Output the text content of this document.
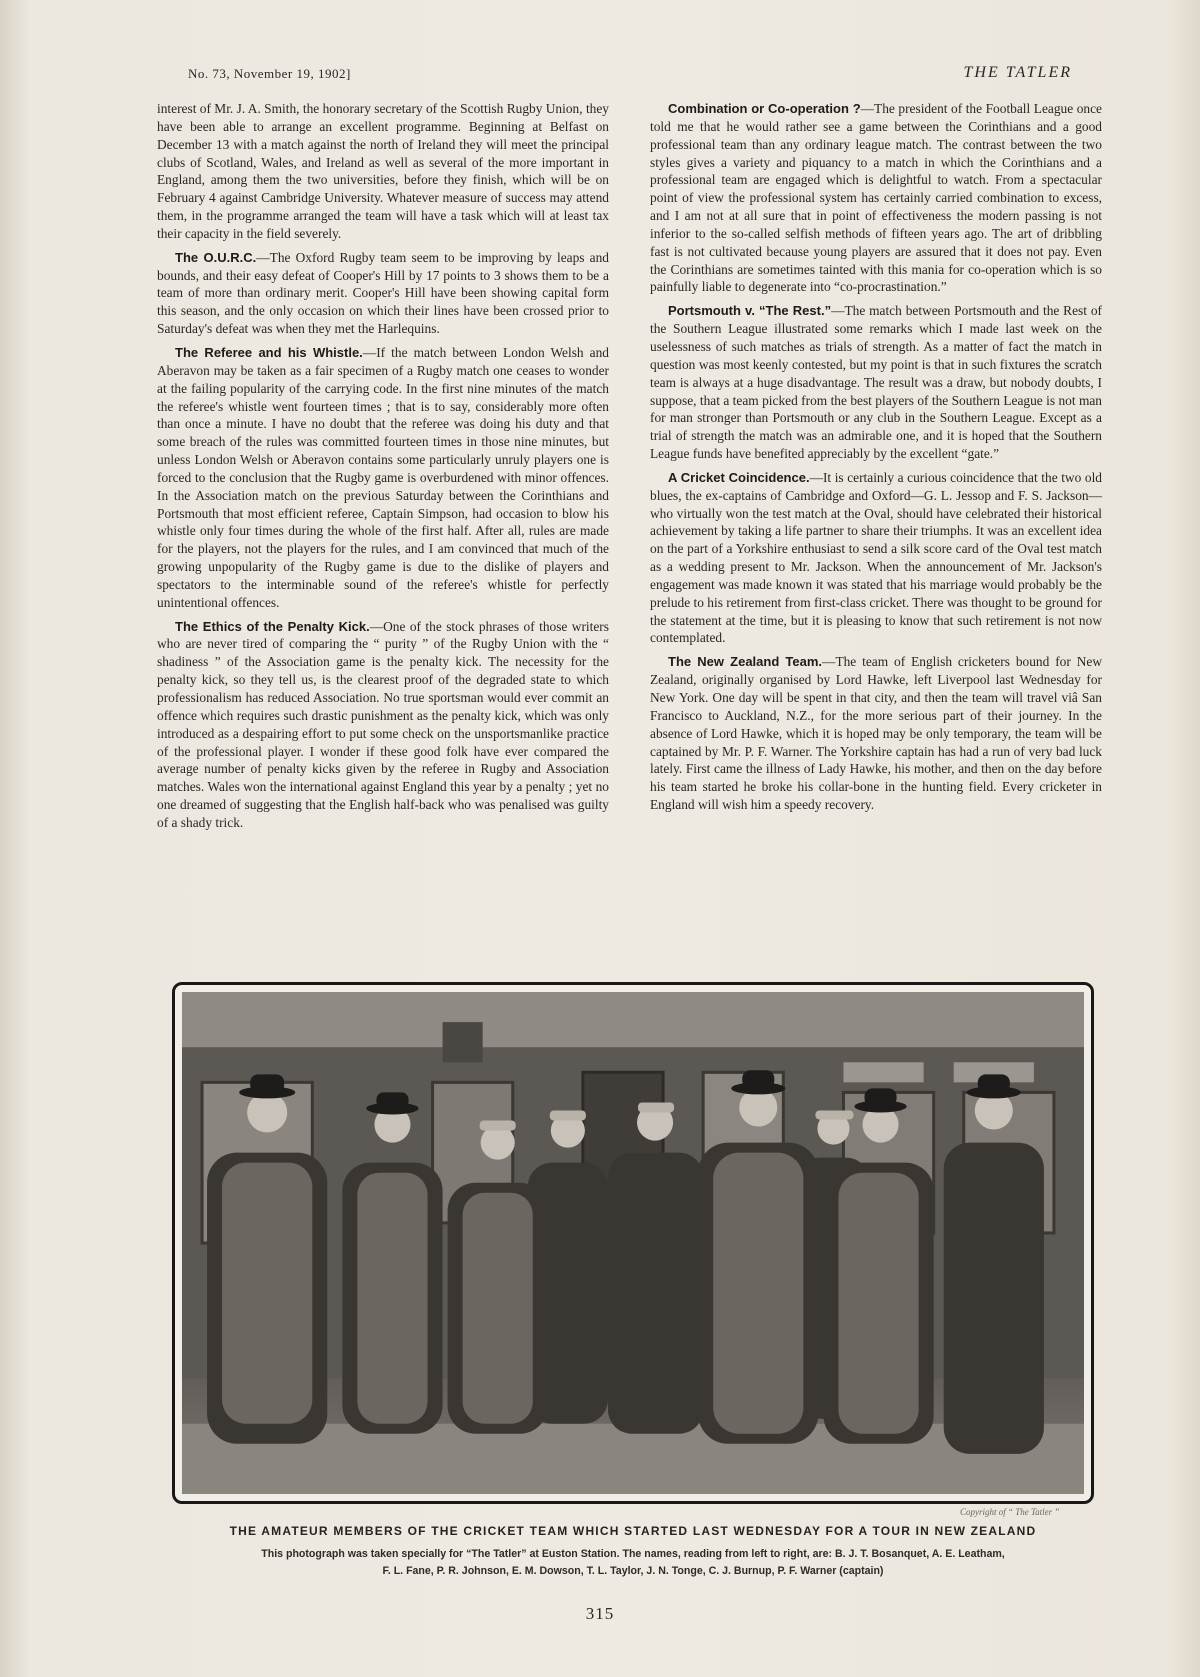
No. 73, November 19, 1902]	THE TATLER

interest of Mr. J. A. Smith, the honorary secretary of the Scottish Rugby Union, they have been able to arrange an excellent programme. Beginning at Belfast on December 13 with a match against the north of Ireland they will meet the principal clubs of Scotland, Wales, and Ireland as well as several of the more important in England, among them the two universities, before they finish, which will be on February 4 against Cambridge University. Whatever measure of success may attend them, in the programme arranged the team will have a task which will at least tax their capacity in the field severely.

The O.U.R.C.—The Oxford Rugby team seem to be improving by leaps and bounds, and their easy defeat of Cooper's Hill by 17 points to 3 shows them to be a team of more than ordinary merit. Cooper's Hill have been showing capital form this season, and the only occasion on which their lines have been crossed prior to Saturday's defeat was when they met the Harlequins.

The Referee and his Whistle.—If the match between London Welsh and Aberavon may be taken as a fair specimen of a Rugby match one ceases to wonder at the failing popularity of the carrying code. In the first nine minutes of the match the referee's whistle went fourteen times ; that is to say, considerably more often than once a minute. I have no doubt that the referee was doing his duty and that some breach of the rules was committed fourteen times in those nine minutes, but unless London Welsh or Aberavon contains some particularly unruly players one is forced to the conclusion that the Rugby game is overburdened with minor offences. In the Association match on the previous Saturday between the Corinthians and Portsmouth that most efficient referee, Captain Simpson, had occasion to blow his whistle only four times during the whole of the first half. After all, rules are made for the players, not the players for the rules, and I am convinced that much of the growing unpopularity of the Rugby game is due to the dislike of players and spectators to the interminable sound of the referee's whistle for perfectly unintentional offences.

The Ethics of the Penalty Kick.—One of the stock phrases of those writers who are never tired of comparing the “ purity ” of the Rugby Union with the “ shadiness ” of the Association game is the penalty kick. The necessity for the penalty kick, so they tell us, is the clearest proof of the degraded state to which professionalism has reduced Association. No true sportsman would ever commit an offence which requires such drastic punishment as the penalty kick, which was only introduced as a despairing effort to put some check on the unsportsmanlike practice of the professional player. I wonder if these good folk have ever compared the average number of penalty kicks given by the referee in Rugby and Association matches. Wales won the international against England this year by a penalty ; yet no one dreamed of suggesting that the English half-back who was penalised was guilty of a shady trick.

Combination or Co-operation ?—The president of the Football League once told me that he would rather see a game between the Corinthians and a good professional team than any ordinary league match. The contrast between the two styles gives a variety and piquancy to a match in which the Corinthians and a professional team are engaged which is delightful to watch. From a spectacular point of view the professional system has certainly carried combination to excess, and I am not at all sure that in point of effectiveness the modern passing is not inferior to the so-called selfish methods of fifteen years ago. The art of dribbling fast is not cultivated because young players are assured that it does not pay. Even the Corinthians are sometimes tainted with this mania for co-operation which is so painfully liable to degenerate into “co-procrastination.”

Portsmouth v. “The Rest.”—The match between Portsmouth and the Rest of the Southern League illustrated some remarks which I made last week on the uselessness of such matches as trials of strength. As a matter of fact the match in question was most keenly contested, but my point is that in such fixtures the scratch team is always at a huge disadvantage. The result was a draw, but nobody doubts, I suppose, that a team picked from the best players of the Southern League is not man for man stronger than Portsmouth or any club in the Southern League. Except as a trial of strength the match was an admirable one, and it is hoped that the Southern League funds have benefited appreciably by the excellent “gate.”

A Cricket Coincidence.—It is certainly a curious coincidence that the two old blues, the ex-captains of Cambridge and Oxford—G. L. Jessop and F. S. Jackson—who virtually won the test match at the Oval, should have celebrated their historical achievement by taking a life partner to share their triumphs. It was an excellent idea on the part of a Yorkshire enthusiast to send a silk score card of the Oval test match as a wedding present to Mr. Jackson. When the announcement of Mr. Jackson's engagement was made known it was stated that his marriage would probably be the prelude to his retirement from first-class cricket. There was thought to be ground for the statement at the time, but it is pleasing to know that such retirement is not now contemplated.

The New Zealand Team.—The team of English cricketers bound for New Zealand, originally organised by Lord Hawke, left Liverpool last Wednesday for New York. One day will be spent in that city, and then the team will travel viâ San Francisco to Auckland, N.Z., for the more serious part of their journey. In the absence of Lord Hawke, which it is hoped may be only temporary, the team will be captained by Mr. P. F. Warner. The Yorkshire captain has had a run of very bad luck lately. First came the illness of Lady Hawke, his mother, and then on the day before his team started he broke his collar-bone in the hunting field. Every cricketer in England will wish him a speedy recovery.

Copyright of “ The Tatler ”
THE AMATEUR MEMBERS OF THE CRICKET TEAM WHICH STARTED LAST WEDNESDAY FOR A TOUR IN NEW ZEALAND
This photograph was taken specially for “The Tatler” at Euston Station. The names, reading from left to right, are: B. J. T. Bosanquet, A. E. Leatham,
F. L. Fane, P. R. Johnson, E. M. Dowson, T. L. Taylor, J. N. Tonge, C. J. Burnup, P. F. Warner (captain)
315
